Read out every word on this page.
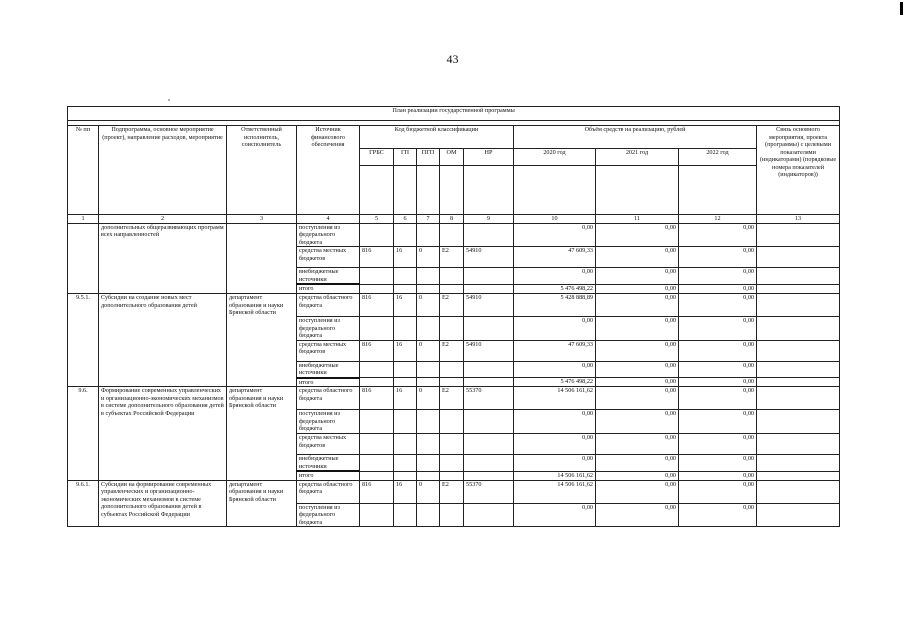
43
План реализации государственной программы												

№ пп	Подпрограмма, основное мероприятие (проект), направление расходов, мероприятие	Ответственный исполнитель, соисполнитель	Источник финансового обеспечения	Код бюджетной классификации					Объём средств на реализацию, рублей			Связь основного мероприятия, проекта (программы) с целевыми показателями (индикаторами) (порядковые номера показателей (индикаторов))
				ГРБС	ГП	ПГП	ОМ	НР	2020 год	2021 год	2022 год	

1	2	3	4	5	6	7	8	9	10	11	12	13
	дополнительных общеразвивающих программ всех направленностей		поступления из федерального бюджета						0,00	0,00	0,00	
			средства местных бюджетов	816	16	0	E2	54910	47 609,33	0,00	0,00	
			внебюджетные источники						0,00	0,00	0,00	
			итого						5 476 498,22	0,00	0,00	
9.5.1.	Субсидии на создание новых мест дополнительного образования детей	департамент образования и науки Брянской области	средства областного бюджета	816	16	0	E2	54910	5 428 888,89	0,00	0,00	
			поступления из федерального бюджета						0,00	0,00	0,00	
			средства местных бюджетов	816	16	0	E2	54910	47 609,33	0,00	0,00	
			внебюджетные источники						0,00	0,00	0,00	
			итого						5 476 498,22	0,00	0,00	
9.6.	Формирование современных управленческих и организационно-экономических механизмов в системе дополнительного образования детей в субъектах Российской Федерации	департамент образования и науки Брянской области	средства областного бюджета	816	16	0	E2	55370	14 506 161,62	0,00	0,00	
			поступления из федерального бюджета						0,00	0,00	0,00	
			средства местных бюджетов						0,00	0,00	0,00	
			внебюджетные источники						0,00	0,00	0,00	
			итого						14 506 161,62	0,00	0,00	
9.6.1.	Субсидии на формирование современных управленческих и организационно-экономических механизмов в системе дополнительного образования детей в субъектах Российской Федерации	департамент образования и науки Брянской области	средства областного бюджета	816	16	0	E2	55370	14 506 161,62	0,00	0,00	
			поступления из федерального бюджета						0,00	0,00	0,00	
